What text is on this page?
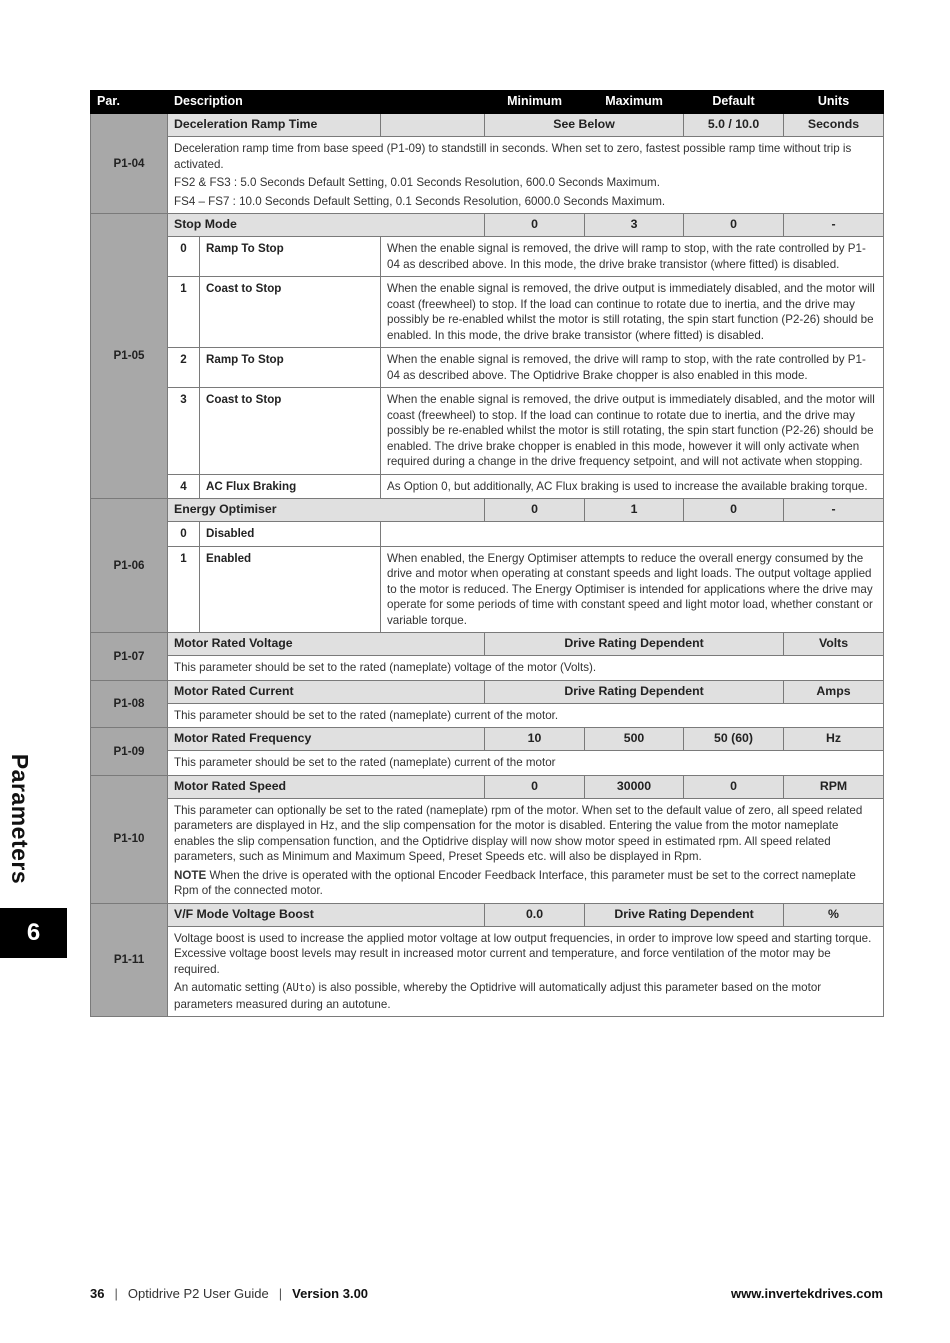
Par.	Description			Minimum	Maximum	Default	Units
P1-04	Deceleration Ramp Time			See Below		5.0 / 10.0	Seconds

	Deceleration ramp time from base speed (P1-09) to standstill in seconds. When set to zero, fastest possible ramp time without trip is activated.

FS2 & FS3 : 5.0 Seconds Default Setting, 0.01 Seconds Resolution, 600.0 Seconds Maximum.

FS4 – FS7 : 10.0 Seconds Default Setting, 0.1 Seconds Resolution, 6000.0 Seconds Maximum.						

P1-05	Stop Mode			0	3	0	-
	0	Ramp To Stop	When the enable signal is removed, the drive will ramp to stop, with the rate controlled by P1-04 as described above. In this mode, the drive brake transistor (where fitted) is disabled.				
	1	Coast to Stop	When the enable signal is removed, the drive output is immediately disabled, and the motor will coast (freewheel) to stop. If the load can continue to rotate due to inertia, and the drive may possibly be re-enabled whilst the motor is still rotating, the spin start function (P2-26) should be enabled. In this mode, the drive brake transistor (where fitted) is disabled.				
	2	Ramp To Stop	When the enable signal is removed, the drive will ramp to stop, with the rate controlled by P1-04 as described above. The Optidrive Brake chopper is also enabled in this mode.				
	3	Coast to Stop	When the enable signal is removed, the drive output is immediately disabled, and the motor will coast (freewheel) to stop. If the load can continue to rotate due to inertia, and the drive may possibly be re-enabled whilst the motor is still rotating, the spin start function (P2-26) should be enabled. The drive brake chopper is enabled in this mode, however it will only activate when required during a change in the drive frequency setpoint, and will not activate when stopping.				
	4	AC Flux Braking	As Option 0, but additionally, AC Flux braking is used to increase the available braking torque.				
P1-06	Energy Optimiser			0	1	0	-
	0	Disabled					
	1	Enabled	When enabled, the Energy Optimiser attempts to reduce the overall energy consumed by the drive and motor when operating at constant speeds and light loads. The output voltage applied to the motor is reduced. The Energy Optimiser is intended for applications where the drive may operate for some periods of time with constant speed and light motor load, whether constant or variable torque.				
P1-07	Motor Rated Voltage			Drive Rating Dependent			Volts
	This parameter should be set to the rated (nameplate) voltage of the motor (Volts).						
P1-08	Motor Rated Current			Drive Rating Dependent			Amps
	This parameter should be set to the rated (nameplate) current of the motor.						
P1-09	Motor Rated Frequency			10	500	50 (60)	Hz
	This parameter should be set to the rated (nameplate) current of the motor						
P1-10	Motor Rated Speed			0	30000	0	RPM

	This parameter can optionally be set to the rated (nameplate) rpm of the motor. When set to the default value of zero, all speed related parameters are displayed in Hz, and the slip compensation for the motor is disabled. Entering the value from the motor nameplate enables the slip compensation function, and the Optidrive display will now show motor speed in estimated rpm. All speed related parameters, such as Minimum and Maximum Speed, Preset Speeds etc. will also be displayed in Rpm.

NOTE When the drive is operated with the optional Encoder Feedback Interface, this parameter must be set to the correct nameplate Rpm of the connected motor.						

P1-11	V/F Mode Voltage Boost			0.0	Drive Rating Dependent		%

	Voltage boost is used to increase the applied motor voltage at low output frequencies, in order to improve low speed and starting torque. Excessive voltage boost levels may result in increased motor current and temperature, and force ventilation of the motor may be required.

An automatic setting (AUto) is also possible, whereby the Optidrive will automatically adjust this parameter based on the motor parameters measured during an autotune.						

Parameters
6
36 | Optidrive P2 User Guide | Version 3.00	www.invertekdrives.com
